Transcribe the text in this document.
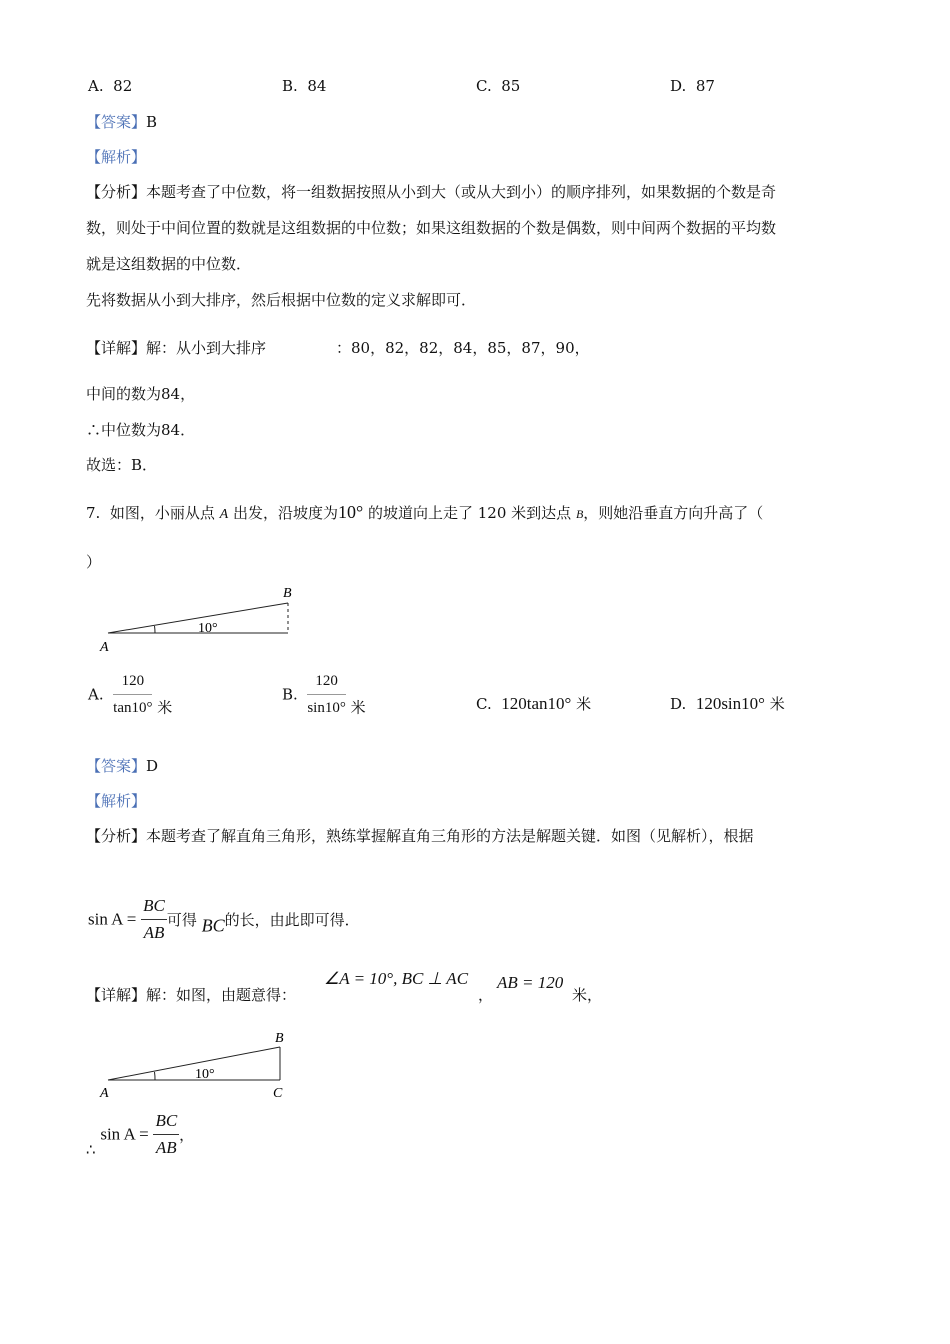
A. 82	B. 84	C. 85	D. 87
【答案】B
【解析】
【分析】本题考查了中位数，将一组数据按照从小到大（或从大到小）的顺序排列，如果数据的个数是奇
数，则处于中间位置的数就是这组数据的中位数；如果这组数据的个数是偶数，则中间两个数据的平均数
就是这组数据的中位数．
先将数据从小到大排序，然后根据中位数的定义求解即可．
【详解】解：从小到大排序	：80，82，82，84，85，87，90，
中间的数为84，
∴中位数为84．
故选：B．
7. 如图，小丽从点 A 出发，沿坡度为10° 的坡道向上走了 120 米到达点 B，则她沿垂直方向升高了（
）
A
B
10°
A. $\frac{120}{\tan 10^\circ}$ 米
B. $\frac{120}{\sin 10^\circ}$ 米	C. 120tan10° 米	D. 120sin10° 米
【答案】D
【解析】
【分析】本题考查了解直角三角形，熟练掌握解直角三角形的方法是解题关键．如图（见解析），根据
$\sin A = \frac{BC}{AB}$ 可得 BC的长，由此即可得．
【详解】解：如图，由题意得：
∠A = 10°, BC ⊥ AC
，
AB = 120
米，
A
B
C
10°
∴ $\sin A = \frac{BC}{AB}$ ，
